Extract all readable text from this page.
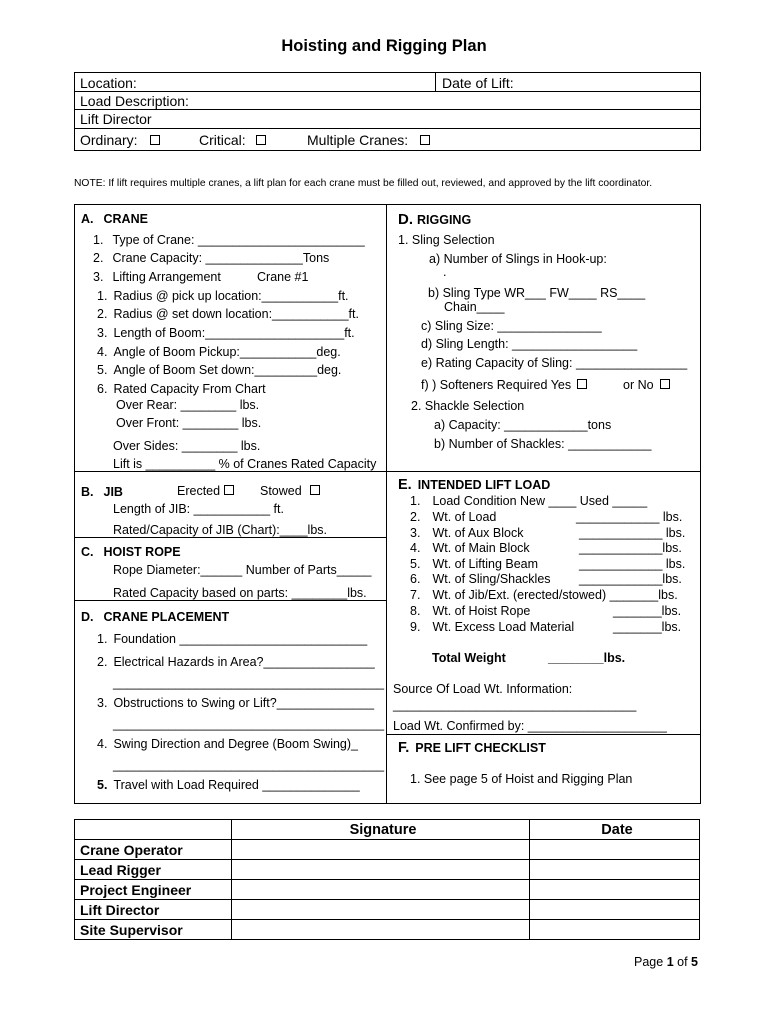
Hoisting and Rigging Plan
Location:	Date of Lift:
Load Description:
Lift Director
Ordinary:	Critical:	Multiple Cranes:
NOTE: If lift requires multiple cranes, a lift plan for each crane must be filled out, reviewed, and approved by the lift coordinator.
A. CRANE
1. Type of Crane: ________________________
2. Crane Capacity: ______________Tons
3. Lifting Arrangement	Crane #1
1. Radius @ pick up location:___________ft.
2. Radius @ set down location:___________ft.
3. Length of Boom:____________________ft.
4. Angle of Boom Pickup:___________deg.
5. Angle of Boom Set down:_________deg.
6. Rated Capacity From Chart
Over Rear: ________ lbs.
Over Front: ________ lbs.
Over Sides: ________ lbs.
Lift is __________ % of Cranes Rated Capacity
B. JIB	Erected	Stowed
Length of JIB: ___________ ft.
Rated/Capacity of JIB (Chart):____lbs.
C. HOIST ROPE
Rope Diameter:______ Number of Parts_____
Rated Capacity based on parts: ________lbs.
D. CRANE PLACEMENT
1. Foundation ___________________________
2. Electrical Hazards in Area?________________
_______________________________________
3. Obstructions to Swing or Lift?______________
_______________________________________
4. Swing Direction and Degree (Boom Swing)_
_______________________________________
5. Travel with Load Required ______________
D. RIGGING
1. Sling Selection
a) Number of Slings in Hook-up:
.
b) Sling Type WR___ FW____ RS____
Chain____
c) Sling Size: _______________
d) Sling Length: __________________
e) Rating Capacity of Sling: ________________
f) ) Softeners Required Yes	or No
2. Shackle Selection
a) Capacity: ____________tons
b) Number of Shackles: ____________
E. INTENDED LIFT LOAD
1. Load Condition New ____ Used _____
2. Wt. of Load	____________ lbs.
3. Wt. of Aux Block	____________ lbs.
4. Wt. of Main Block	____________lbs.
5. Wt. of Lifting Beam	____________ lbs.
6. Wt. of Sling/Shackles ____________lbs.
7. Wt. of Jib/Ext. (erected/stowed) _______lbs.
8. Wt. of Hoist Rope	_______lbs.
9. Wt. Excess Load Material	_______lbs.
Total Weight	________lbs.
Source Of Load Wt. Information:
___________________________________
Load Wt. Confirmed by: ____________________
F. PRE LIFT CHECKLIST
1. See page 5 of Hoist and Rigging Plan
	Signature	Date
Crane Operator		
Lead Rigger		
Project Engineer		
Lift Director		
Site Supervisor		
Page 1 of 5
